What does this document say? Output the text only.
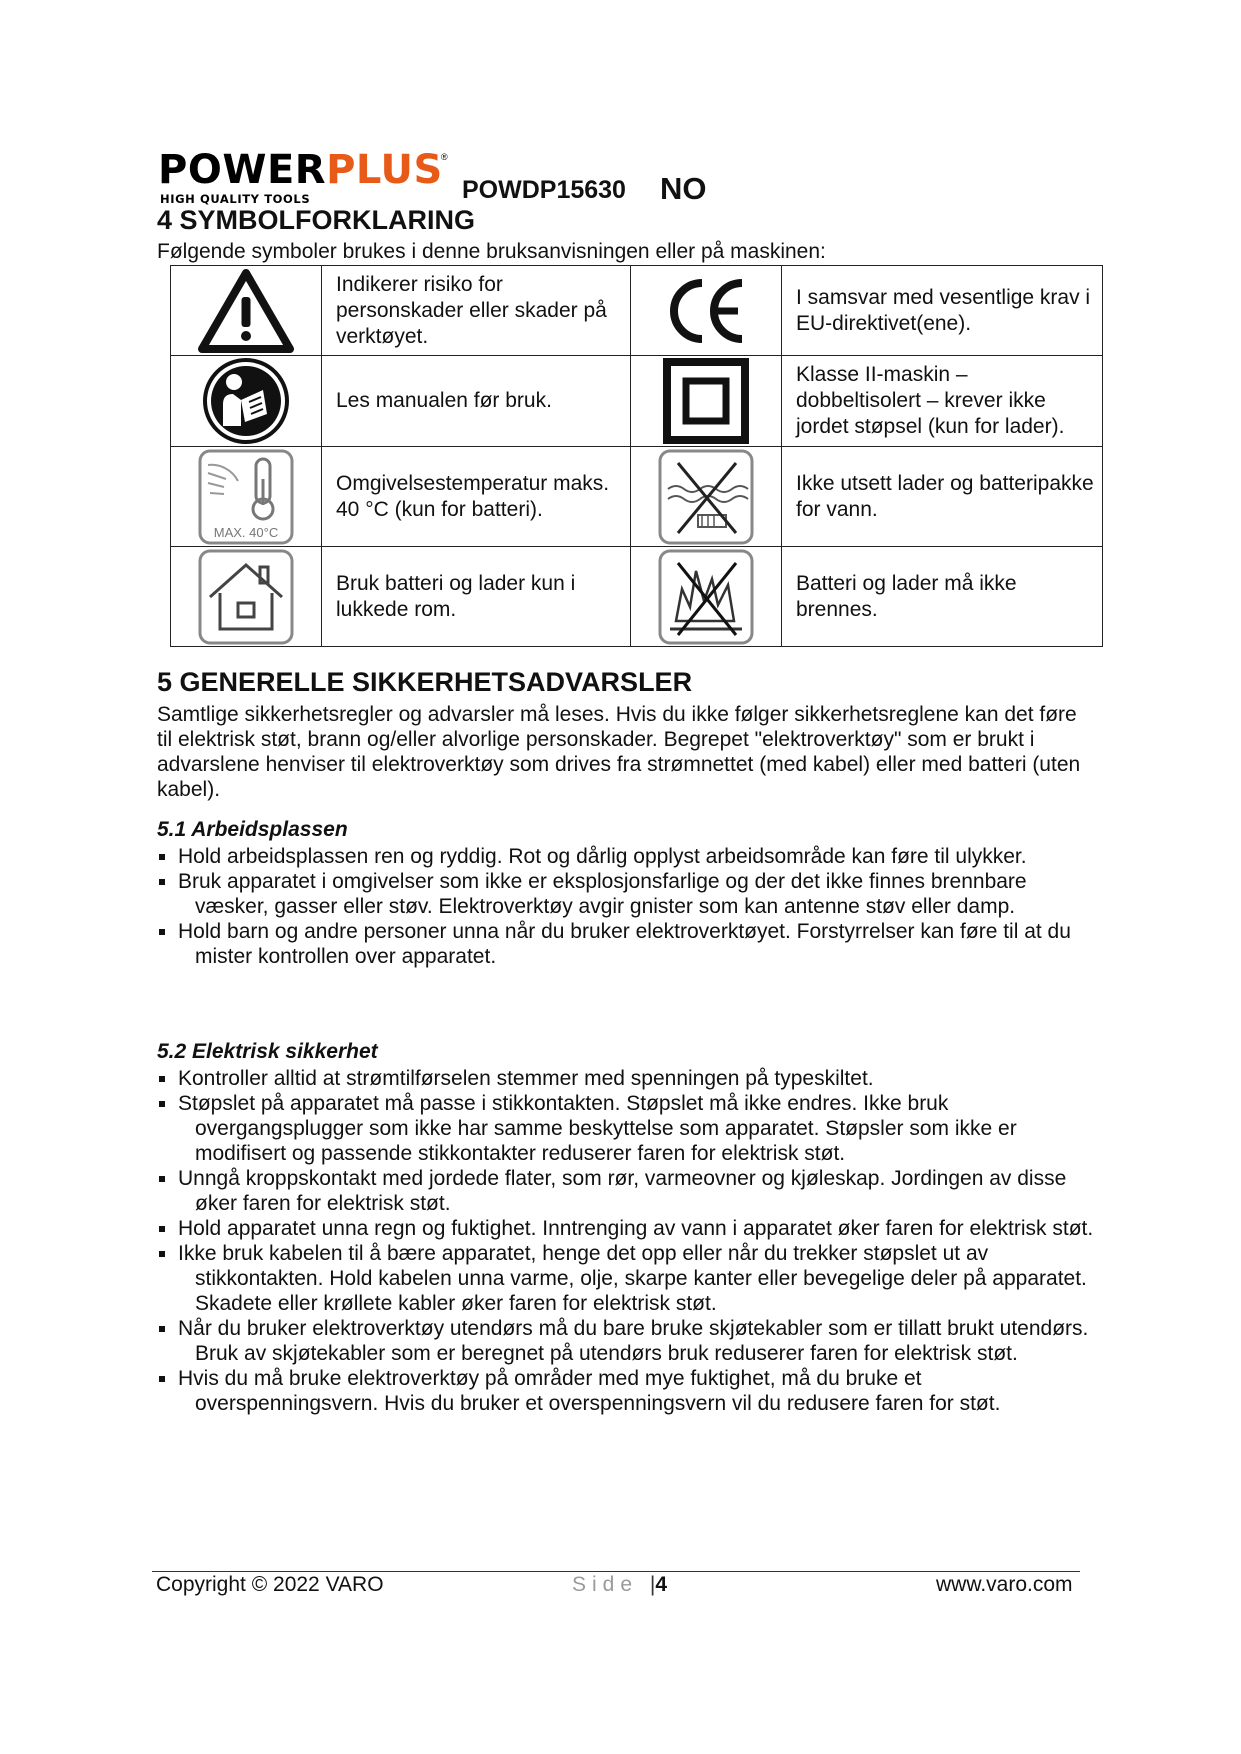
POWERPLUS
®
HIGH QUALITY TOOLS	POWDP15630 NO
4 SYMBOLFORKLARING
Følgende symboler brukes i denne bruksanvisningen eller på maskinen:
	Indikerer risiko for personskader eller skader på verktøyet.		I samsvar med vesentlige krav i EU-direktivet(ene).

	Les manualen før bruk.		Klasse II-maskin – dobbeltisolert – krever ikke jordet støpsel (kun for lader).

MAX. 40°C	Omgivelsestemperatur maks. 40 °C (kun for batteri).		Ikke utsett lader og batteripakke for vann.

	Bruk batteri og lader kun i lukkede rom.		Batteri og lader må ikke brennes.
5 GENERELLE SIKKERHETSADVARSLER

Samtlige sikkerhetsregler og advarsler må leses. Hvis du ikke følger sikkerhetsreglene kan det føre til elektrisk støt, brann og/eller alvorlige personskader. Begrepet "elektroverktøy" som er brukt i advarslene henviser til elektroverktøy som drives fra strømnettet (med kabel) eller med batteri (uten kabel).

5.1 Arbeidsplassen
Hold arbeidsplassen ren og ryddig. Rot og dårlig opplyst arbeidsområde kan føre til ulykker.
Bruk apparatet i omgivelser som ikke er eksplosjonsfarlige og der det ikke finnes brennbare væsker, gasser eller støv. Elektroverktøy avgir gnister som kan antenne støv eller damp.
Hold barn og andre personer unna når du bruker elektroverktøyet. Forstyrrelser kan føre til at du mister kontrollen over apparatet.
5.2 Elektrisk sikkerhet
Kontroller alltid at strømtilførselen stemmer med spenningen på typeskiltet.
Støpslet på apparatet må passe i stikkontakten. Støpslet må ikke endres. Ikke bruk overgangsplugger som ikke har samme beskyttelse som apparatet. Støpsler som ikke er modifisert og passende stikkontakter reduserer faren for elektrisk støt.
Unngå kroppskontakt med jordede flater, som rør, varmeovner og kjøleskap. Jordingen av disse øker faren for elektrisk støt.
Hold apparatet unna regn og fuktighet. Inntrenging av vann i apparatet øker faren for elektrisk støt.
Ikke bruk kabelen til å bære apparatet, henge det opp eller når du trekker støpslet ut av stikkontakten. Hold kabelen unna varme, olje, skarpe kanter eller bevegelige deler på apparatet. Skadete eller krøllete kabler øker faren for elektrisk støt.
Når du bruker elektroverktøy utendørs må du bare bruke skjøtekabler som er tillatt brukt utendørs. Bruk av skjøtekabler som er beregnet på utendørs bruk reduserer faren for elektrisk støt.
Hvis du må bruke elektroverktøy på områder med mye fuktighet, må du bruke et overspenningsvern. Hvis du bruker et overspenningsvern vil du redusere faren for støt.
Copyright © 2022 VARO	Side |4	www.varo.com
